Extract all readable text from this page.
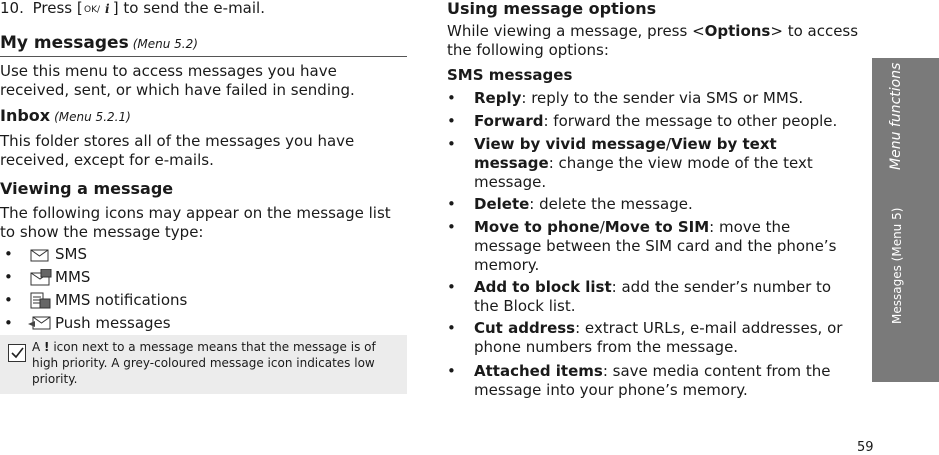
10. Press [ OK/ i ] to send the e-mail.
My messages (Menu 5.2)
Use this menu to access messages you have received, sent, or which have failed in sending.
Inbox (Menu 5.2.1)
This folder stores all of the messages you have received, except for e-mails.
Viewing a message
The following icons may appear on the message list to show the message type:
•	SMS
•	MMS
•	MMS notifications
•	Push messages
A ! icon next to a message means that the message is of high priority. A grey-coloured message icon indicates low priority.
Using message options
While viewing a message, press <Options> to access the following options:
SMS messages
• Reply: reply to the sender via SMS or MMS.
• Forward: forward the message to other people.
• View by vivid message/View by text message: change the view mode of the text message.
• Delete: delete the message.
• Move to phone/Move to SIM: move the message between the SIM card and the phone’s memory.
• Add to block list: add the sender’s number to the Block list.
• Cut address: extract URLs, e-mail addresses, or phone numbers from the message.
• Attached items: save media content from the message into your phone’s memory.
Menu functions
Messages (Menu 5)
59
